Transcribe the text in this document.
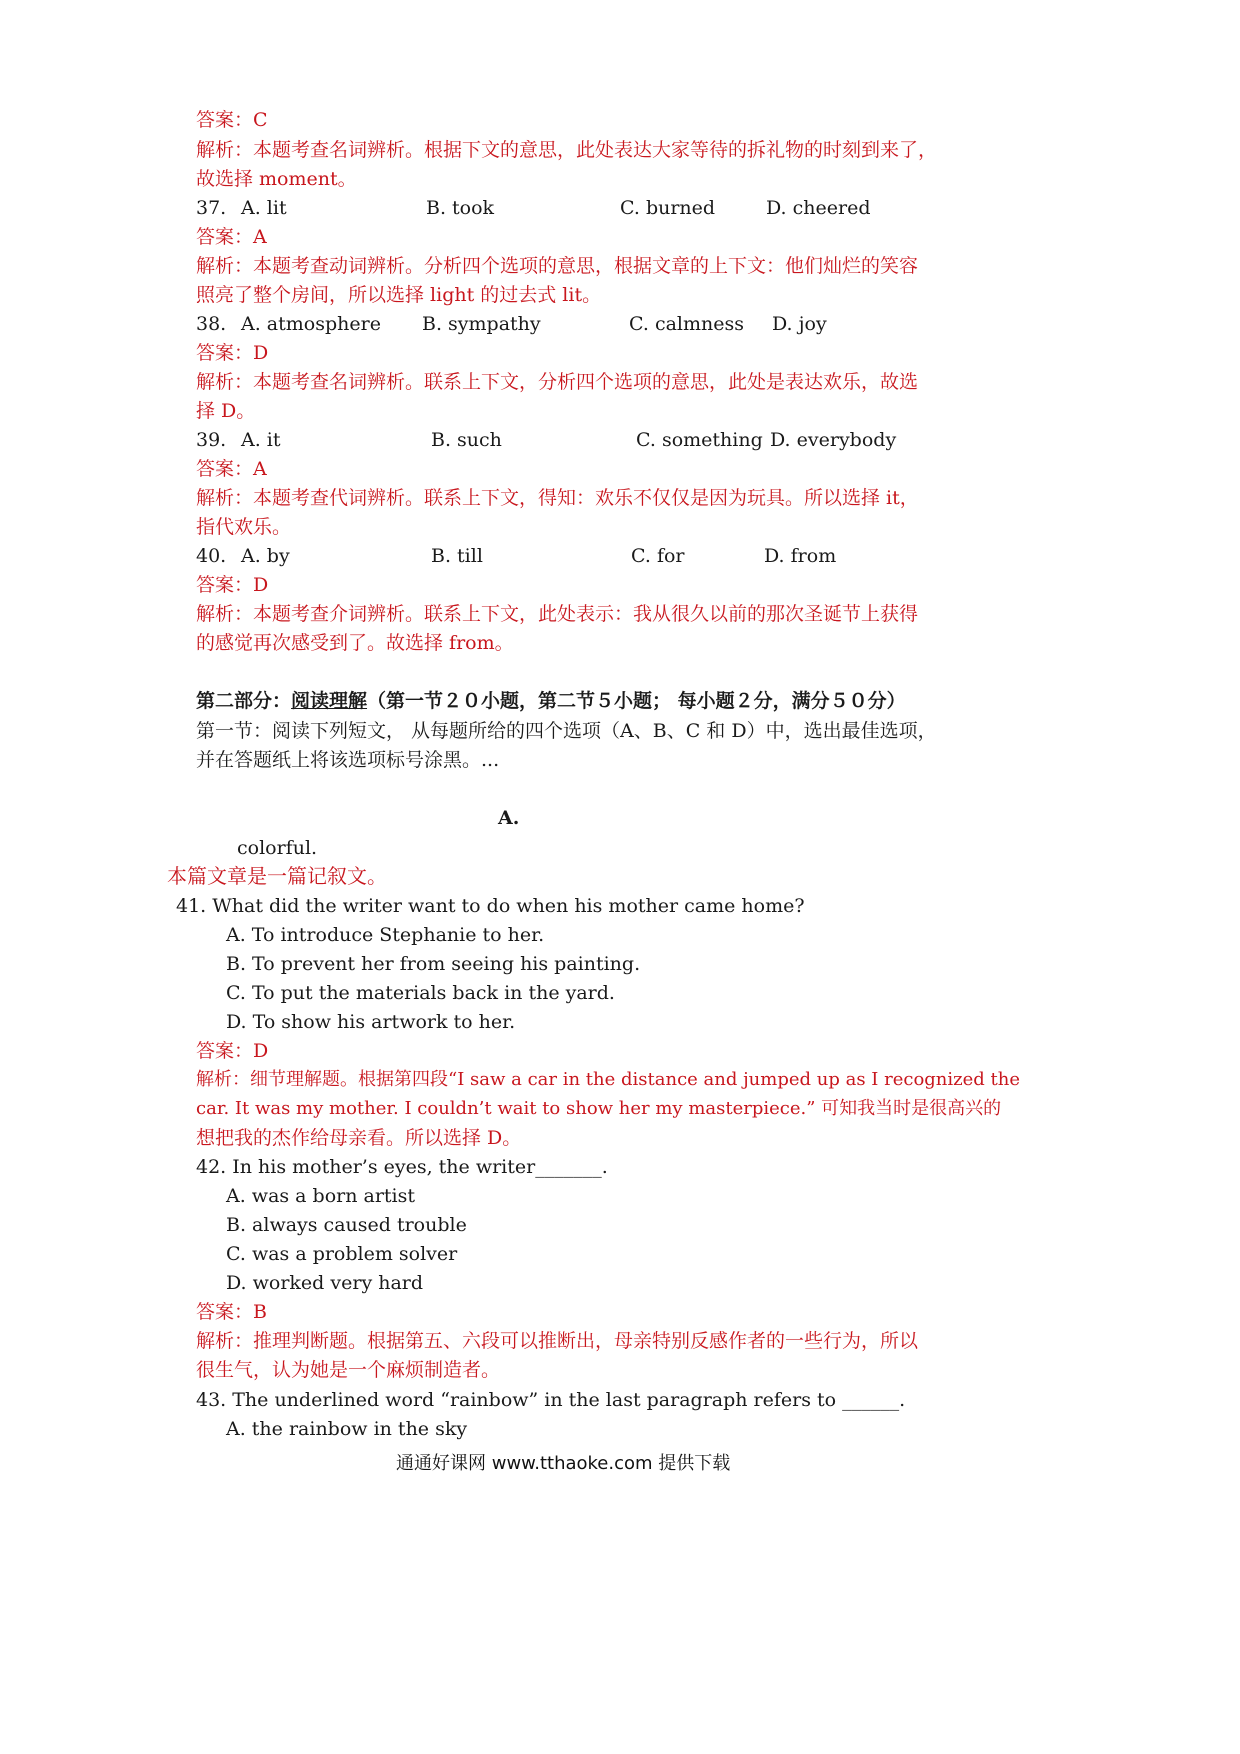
答案：C
解析：本题考查名词辨析。根据下文的意思，此处表达大家等待的拆礼物的时刻到来了，
故选择 moment。
37. A. lit	B. took	C. burned	D. cheered
答案：A
解析：本题考查动词辨析。分析四个选项的意思，根据文章的上下文：他们灿烂的笑容
照亮了整个房间，所以选择 light 的过去式 lit。
38. A. atmosphere B. sympathy	C. calmness D. joy
答案：D
解析：本题考查名词辨析。联系上下文，分析四个选项的意思，此处是表达欢乐，故选
择 D。
39. A. it	B. such	C. something D. everybody
答案：A
解析：本题考查代词辨析。联系上下文，得知：欢乐不仅仅是因为玩具。所以选择 it，
指代欢乐。
40. A. by	B. till	C. for	D. from
答案：D
解析：本题考查介词辨析。联系上下文，此处表示：我从很久以前的那次圣诞节上获得
的感觉再次感受到了。故选择 from。
第二部分：阅读理解（第一节２０小题，第二节５小题； 每小题２分，满分５０分）
第一节：阅读下列短文， 从每题所给的四个选项（A、B、C 和 D）中，选出最佳选项，
并在答题纸上将该选项标号涂黑。...
A.
colorful.
本篇文章是一篇记叙文。
41. What did the writer want to do when his mother came home?
A. To introduce Stephanie to her.
B. To prevent her from seeing his painting.
C. To put the materials back in the yard.
D. To show his artwork to her.
答案：D
解析：细节理解题。根据第四段“I saw a car in the distance and jumped up as I recognized the
car. It was my mother. I couldn’t wait to show her my masterpiece.” 可知我当时是很高兴的
想把我的杰作给母亲看。所以选择 D。
42. In his mother’s eyes, the writer_______.
A. was a born artist
B. always caused trouble
C. was a problem solver
D. worked very hard
答案：B
解析：推理判断题。根据第五、六段可以推断出，母亲特别反感作者的一些行为，所以
很生气，认为她是一个麻烦制造者。
43. The underlined word “rainbow” in the last paragraph refers to ______.
A. the rainbow in the sky
通通好课网 www.tthaoke.com 提供下载
